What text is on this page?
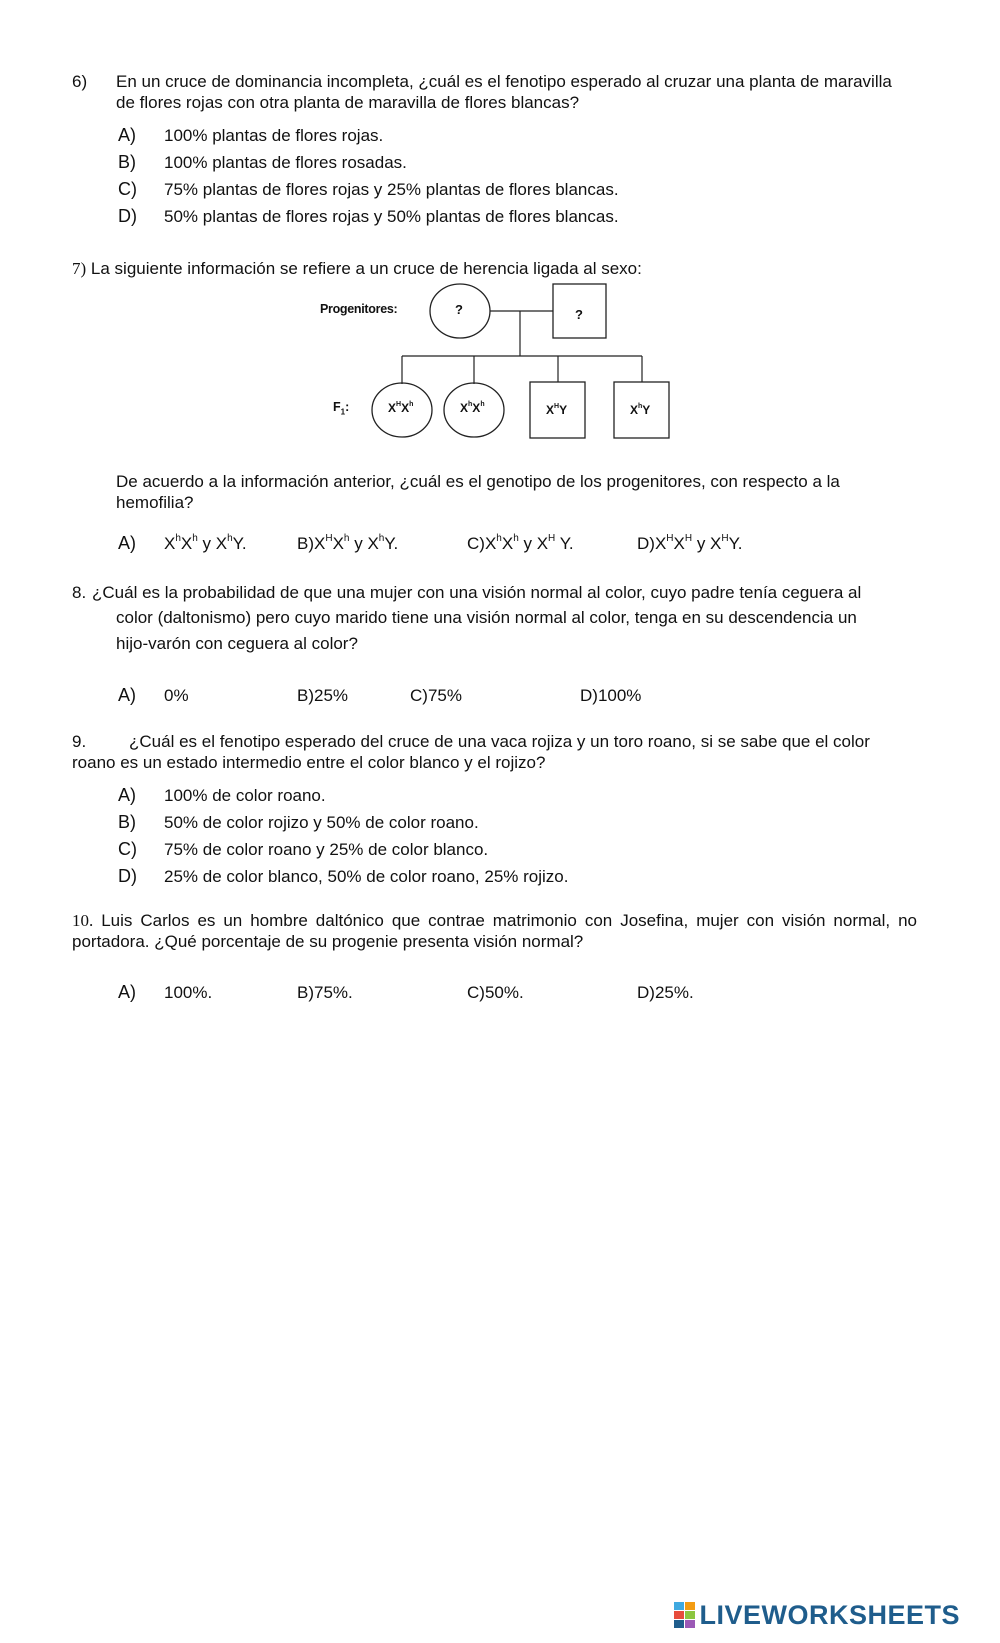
6) En un cruce de dominancia incompleta, ¿cuál es el fenotipo esperado al cruzar una planta de maravilla
de flores rojas con otra planta de maravilla de flores blancas?
A) 100% plantas de flores rojas.
B) 100% plantas de flores rosadas.
C) 75% plantas de flores rojas y 25% plantas de flores blancas.
D) 50% plantas de flores rojas y 50% plantas de flores blancas.
7) La siguiente información se refiere a un cruce de herencia ligada al sexo:
Progenitores:	?	?
$F_1$:	$X^HX^h$	$X^hX^h$	$X^HY$	$X^hY$
De acuerdo a la información anterior, ¿cuál es el genotipo de los progenitores, con respecto a la
hemofilia?
A) $X^hX^h$ y $X^hY$.	$B)X^HX^h$ y $X^hY$.	$C)X^hX^h$ y $X^H$ Y.	$D)X^HX^H$ y $X^HY$.
8. ¿Cuál es la probabilidad de que una mujer con una visión normal al color, cuyo padre tenía ceguera al
color (daltonismo) pero cuyo marido tiene una visión normal al color, tenga en su descendencia un
hijo-varón con ceguera al color?
A) 0%	B)25%	C)75%	D)100%
9.	¿Cuál es el fenotipo esperado del cruce de una vaca rojiza y un toro roano, si se sabe que el color
roano es un estado intermedio entre el color blanco y el rojizo?
A) 100% de color roano.
B) 50% de color rojizo y 50% de color roano.
C) 75% de color roano y 25% de color blanco.
D) 25% de color blanco, 50% de color roano, 25% rojizo.
10. Luis Carlos es un hombre daltónico que contrae matrimonio con Josefina, mujer con visión normal, no
portadora. ¿Qué porcentaje de su progenie presenta visión normal?
A) 100%.	B)75%.	C)50%.	D)25%.
LIVEWORKSHEETS
